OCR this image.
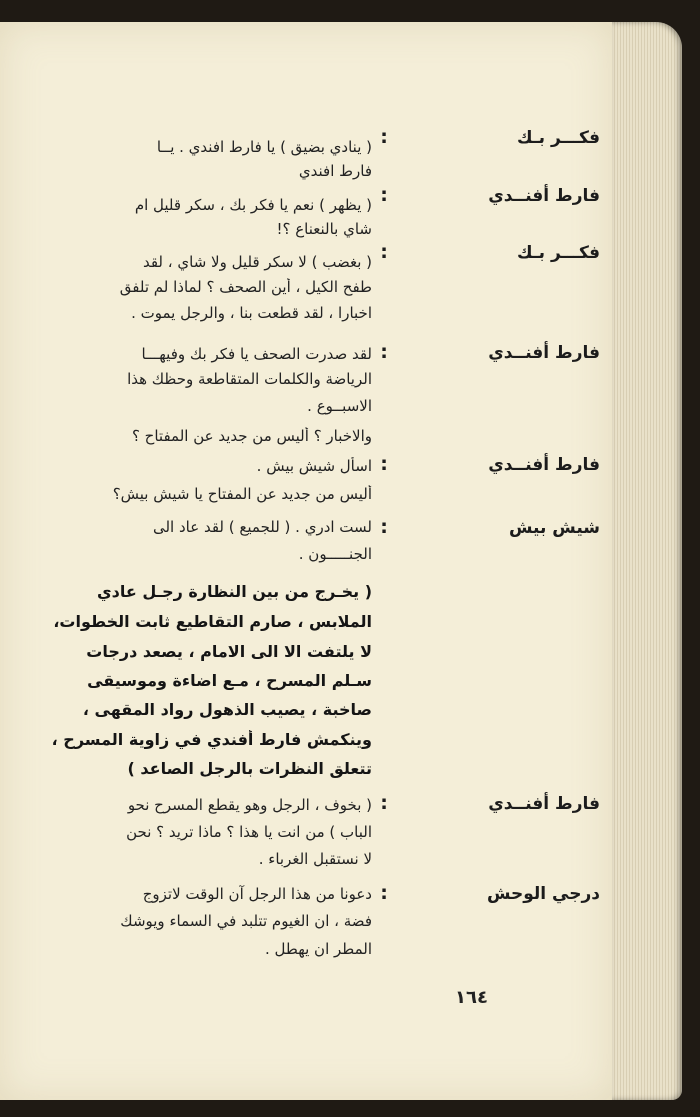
فكـــر بـك
:
( ينادي بضيق ) يا فارط افندي . يــا
فارط افندي
فارط أفنــدي
:
( يظهر ) نعم يا فكر بك ، سكر قليل ام
شاي بالنعناع ؟!
فكـــر بـك
:
( بغضب ) لا سكر قليل ولا شاي ، لقد
طفح الكيل ، أين الصحف ؟ لماذا لم تلفق
اخبارا ، لقد قطعت بنا ، والرجل يموت .
فارط أفنــدي
:
لقد صدرت الصحف يا فكر بك وفيهـــا
الرياضة والكلمات المتقاطعة وحظك هذا
الاسبــوع .
والاخبار ؟ أليس من جديد عن المفتاح ؟
فارط أفنــدي
:
اسأل شيش بيش .
أليس من جديد عن المفتاح يا شيش بيش؟
شيش بيش
:
لست ادري . ( للجميع ) لقد عاد الى
الجنـــــون .
( يخـرج من بين النظارة رجـل عادي
الملابس ، صارم التقاطيع ثابت الخطوات،
لا يلتفت الا الى الامام ، يصعد درجات
سـلم المسرح ، مـع اضاءة وموسيقى
صاخبة ، يصيب الذهول رواد المقهى ،
وينكمش فارط أفندي في زاوية المسرح ،
تتعلق النظرات بالرجل الصاعد )
فارط أفنــدي
:
( بخوف ، الرجل وهو يقطع المسرح نحو
الباب ) من انت يا هذا ؟ ماذا تريد ؟ نحن
لا نستقبل الغرباء .
درجي الوحش
:
دعونا من هذا الرجل آن الوقت لاتزوج
فضة ، ان الغيوم تتلبد في السماء ويوشك
المطر ان يهطل .
١٦٤
